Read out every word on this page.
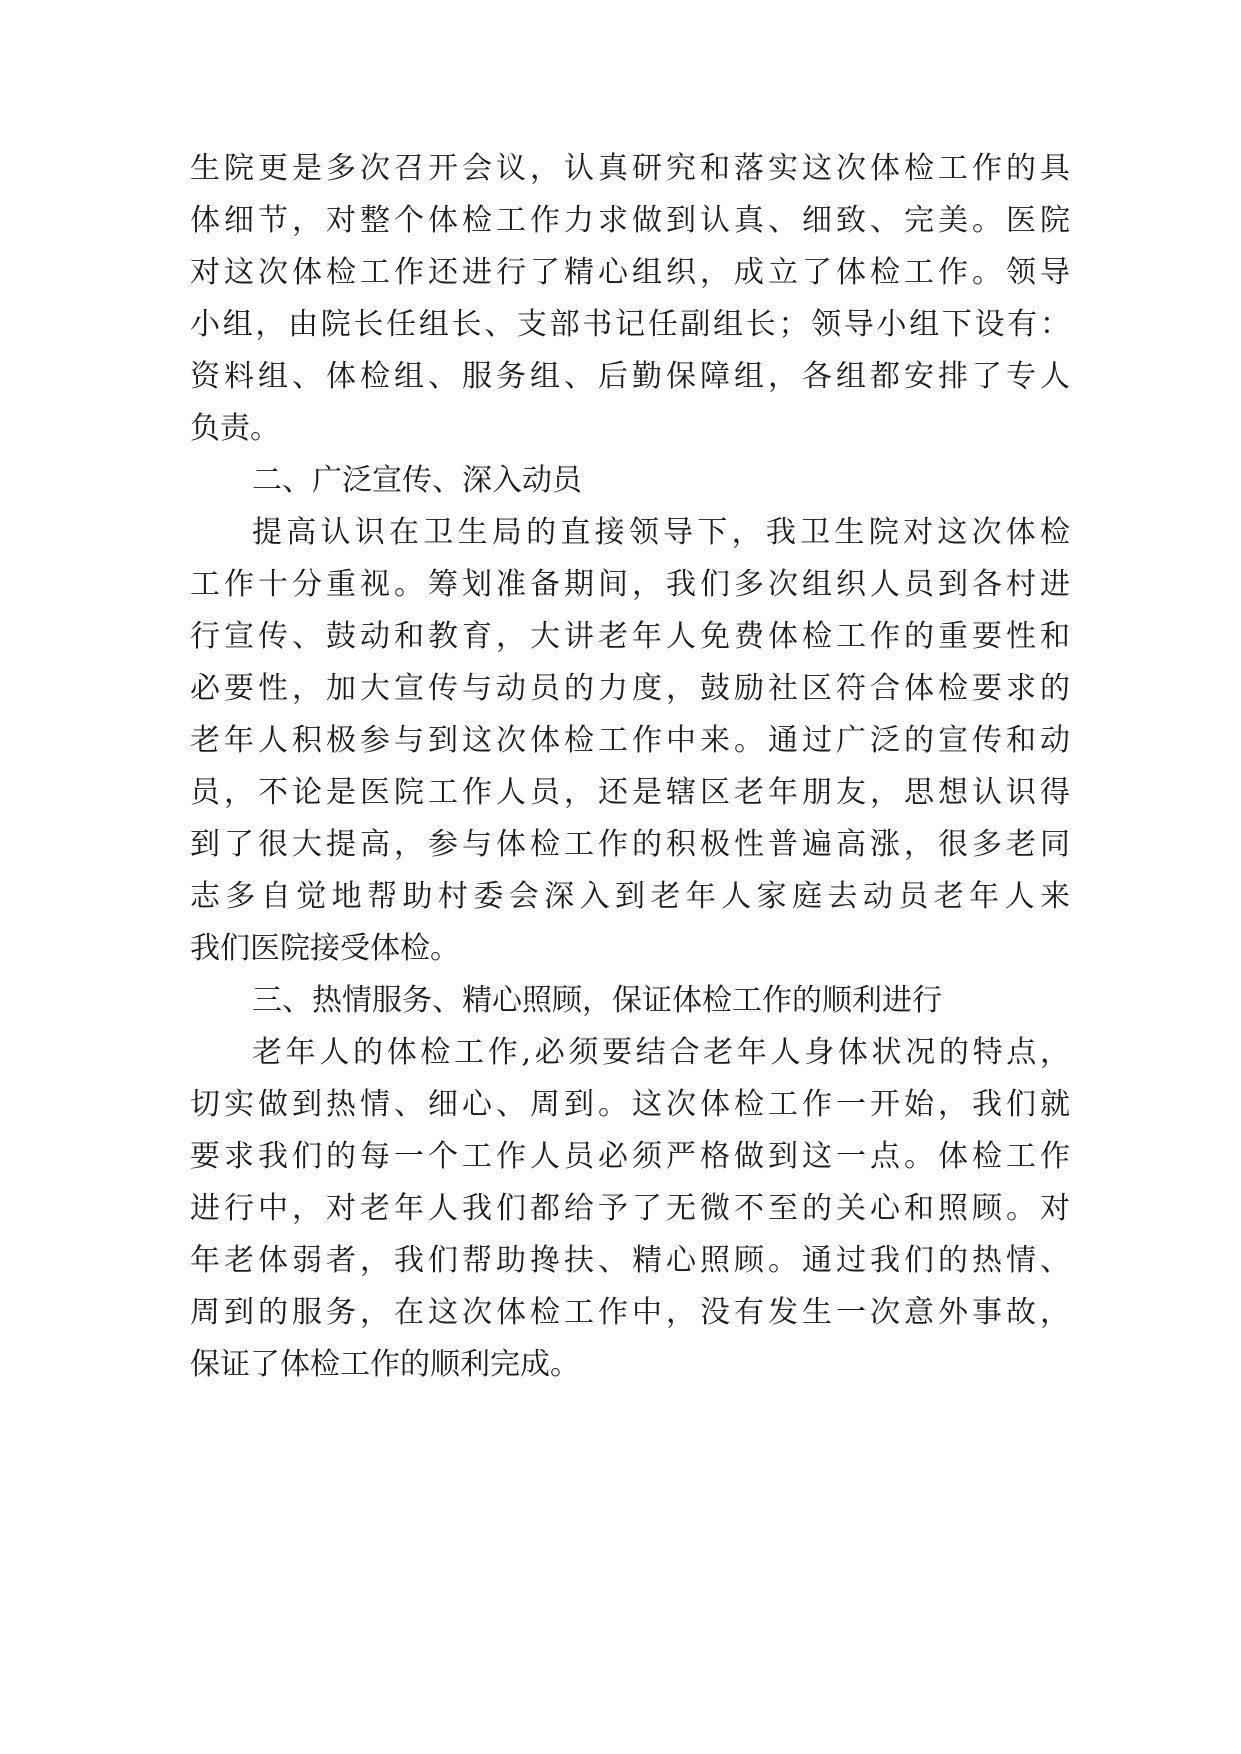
生院更是多次召开会议，认真研究和落实这次体检工作的具
体细节，对整个体检工作力求做到认真、细致、完美。医院
对这次体检工作还进行了精心组织，成立了体检工作。领导
小组，由院长任组长、支部书记任副组长；领导小组下设有：
资料组、体检组、服务组、后勤保障组，各组都安排了专人
负责。
二、广泛宣传、深入动员
提高认识在卫生局的直接领导下，我卫生院对这次体检
工作十分重视。筹划准备期间，我们多次组织人员到各村进
行宣传、鼓动和教育，大讲老年人免费体检工作的重要性和
必要性，加大宣传与动员的力度，鼓励社区符合体检要求的
老年人积极参与到这次体检工作中来。通过广泛的宣传和动
员，不论是医院工作人员，还是辖区老年朋友，思想认识得
到了很大提高，参与体检工作的积极性普遍高涨，很多老同
志多自觉地帮助村委会深入到老年人家庭去动员老年人来
我们医院接受体检。
三、热情服务、精心照顾，保证体检工作的顺利进行
老年人的体检工作,必须要结合老年人身体状况的特点，
切实做到热情、细心、周到。这次体检工作一开始，我们就
要求我们的每一个工作人员必须严格做到这一点。体检工作
进行中，对老年人我们都给予了无微不至的关心和照顾。对
年老体弱者，我们帮助搀扶、精心照顾。通过我们的热情、
周到的服务，在这次体检工作中，没有发生一次意外事故，
保证了体检工作的顺利完成。
